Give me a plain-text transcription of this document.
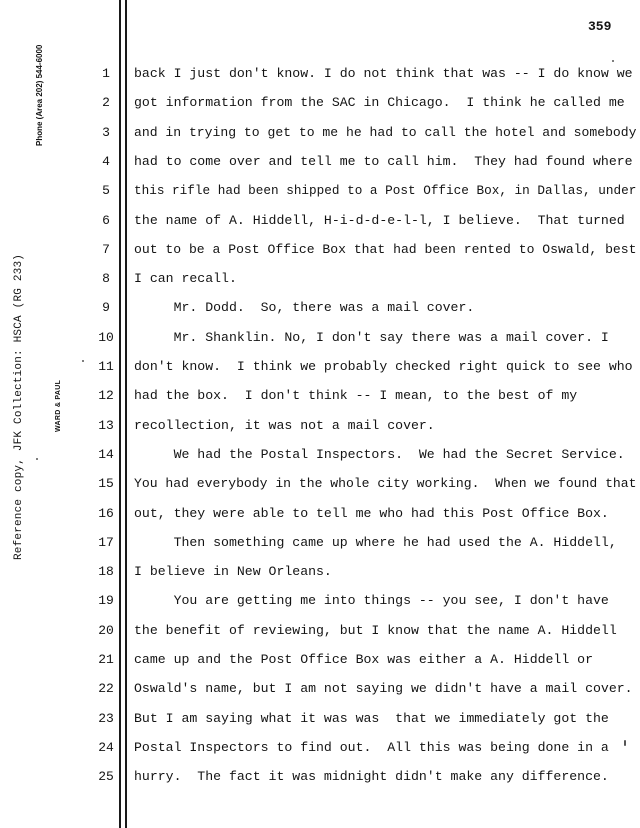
359
Phone (Area 202) 544-6000
WARD & PAUL
Reference copy, JFK Collection: HSCA (RG 233)
1	back I just don't know. I do not think that was -- I do know we
2	got information from the SAC in Chicago.  I think he called me
3	and in trying to get to me he had to call the hotel and somebody
4	had to come over and tell me to call him.  They had found where
5	this rifle had been shipped to a Post Office Box, in Dallas, under
6	the name of A. Hiddell, H-i-d-d-e-l-l, I believe.  That turned
7	out to be a Post Office Box that had been rented to Oswald, best
8	I can recall.
9	Mr. Dodd.  So, there was a mail cover.
10	Mr. Shanklin. No, I don't say there was a mail cover. I
11	don't know.  I think we probably checked right quick to see who
12	had the box.  I don't think -- I mean, to the best of my
13	recollection, it was not a mail cover.
14	We had the Postal Inspectors.  We had the Secret Service.
15	You had everybody in the whole city working.  When we found that
16	out, they were able to tell me who had this Post Office Box.
17	Then something came up where he had used the A. Hiddell,
18	I believe in New Orleans.
19	You are getting me into things -- you see, I don't have
20	the benefit of reviewing, but I know that the name A. Hiddell
21	came up and the Post Office Box was either a A. Hiddell or
22	Oswald's name, but I am not saying we didn't have a mail cover.
23	But I am saying what it was was  that we immediately got the
24	Postal Inspectors to find out.  All this was being done in a
25	hurry.  The fact it was midnight didn't make any difference.
